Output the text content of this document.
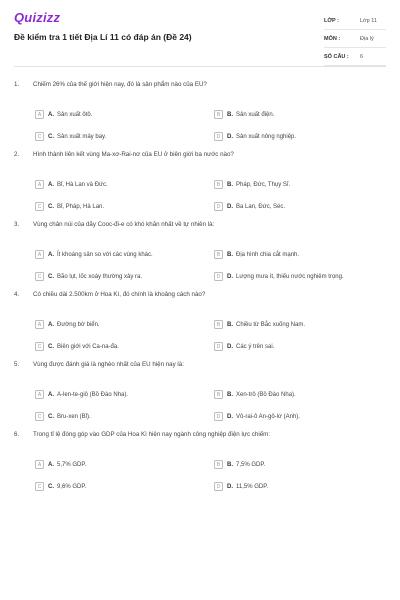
Quizizz
Đề kiểm tra 1 tiết Địa Lí 11 có đáp án (Đề 24)
LỚP :	Lớp 11
MÔN :	Địa lý
SỐ CÂU :	6
1.	Chiếm 26% của thế giới hiện nay, đó là sản phẩm nào của EU?
A	A. Sản xuất ôtô.	B	B. Sản xuất điện.
C	C. Sản xuất máy bay.	D	D. Sản xuất nông nghiệp.
2.	Hình thành liên kết vùng Ma-xơ-Rai-nơ của EU ở biên giới ba nước nào?
A	A. Bỉ, Hà Lan và Đức.	B	B. Pháp, Đức, Thụy Sĩ.
C	C. Bỉ, Pháp, Hà Lan.	D	D. Ba Lan, Đức, Séc.
3.	Vùng chân núi của dãy Cooc-đi-e có khó khăn nhất về tự nhiên là:
A	A. Ít khoáng sản so với các vùng khác.	B	B. Địa hình chia cắt mạnh.
C	C. Bão lụt, lốc xoáy thường xảy ra.	D	D. Lượng mưa ít, thiếu nước nghiêm trọng.
4.	Có chiều dài 2.500km ở Hoa Kì, đó chính là khoảng cách nào?
A	A. Đường bờ biển.	B	B. Chiều từ Bắc xuống Nam.
C	C. Biên giới với Ca-na-đa.	D	D. Các ý trên sai.
5.	Vùng được đánh giá là nghèo nhất của EU hiện nay là:
A	A. A-len-te-giô (Bồ Đào Nha).	B	B. Xen-trô (Bồ Đào Nha).
C	C. Bru-xen (Bỉ).	D	D. Vô-rai-ô An-gô-lơ (Anh).
6.	Trong tỉ lệ đóng góp vào GDP của Hoa Kì hiện nay ngành công nghiệp điện lực chiếm:
A	A. 5,7% GDP.	B	B. 7,5% GDP.
C	C. 9,6% GDP.	D	D. 11,5% GDP.
